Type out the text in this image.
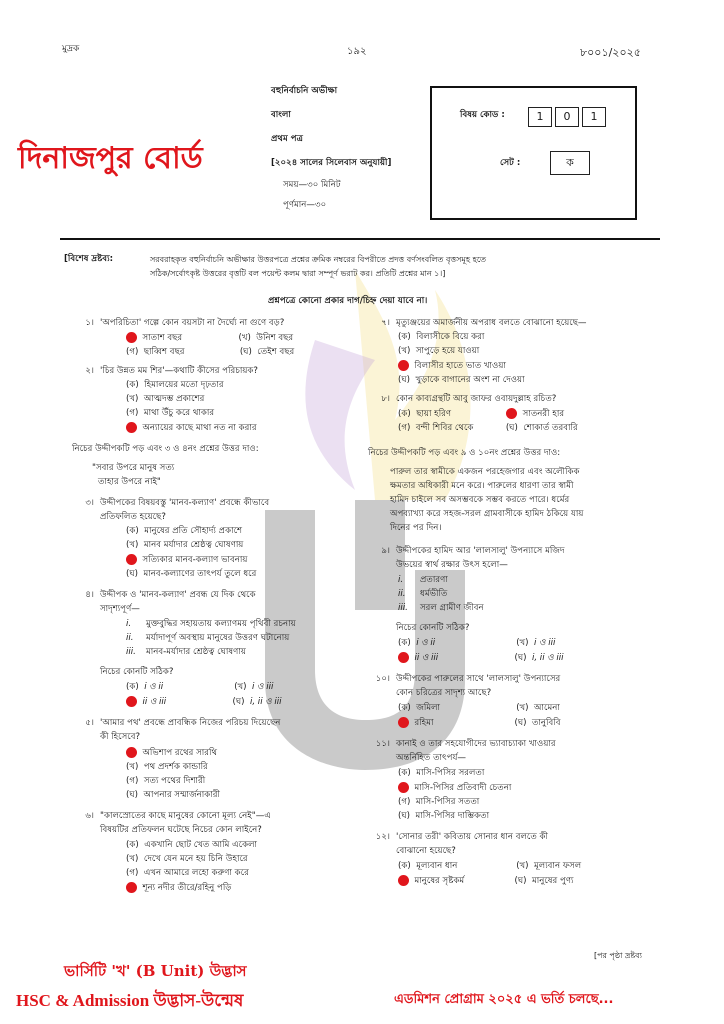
মুদ্রক	১৯২	৮০০১/২০২৫
বহুনির্বাচনি অভীক্ষা
বাংলা
প্রথম পত্র
[২০২৪ সালের সিলেবাস অনুযায়ী]
সময়—৩০ মিনিট
পূর্ণমান—৩০
বিষয় কোড :	1 0 1
সেট :	ক
দিনাজপুর বোর্ড
[বিশেষ দ্রষ্টব্য:	সরবরাহকৃত বহুনির্বাচনি অভীক্ষার উত্তরপত্রে প্রশ্নের ক্রমিক নম্বরের বিপরীতে প্রদত্ত বর্ণসংবলিত বৃত্তসমূহ হতে
সঠিক/সর্বোৎকৃষ্ট উত্তরের বৃত্তটি বল পয়েন্ট কলম দ্বারা সম্পূর্ণ ভরাট কর। প্রতিটি প্রশ্নের মান ১।]
প্রশ্নপত্রে কোনো প্রকার দাগ/চিহ্ন দেয়া যাবে না।
১। 'অপরিচিতা' গল্পে কোন বয়সটা না দৈর্ঘ্যে না গুণে বড়?
সাতাশ বছর	(খ) উনিশ বছর
(গ) ছাব্বিশ বছর	(ঘ) তেইশ বছর
২। 'চির উন্নত মম শির'—কথাটি কীসের পরিচায়ক?
(ক) হিমালয়ের মতো দৃঢ়তার
(খ) আত্মদম্ভ প্রকাশের
(গ) মাথা উঁচু করে থাকার
অন্যায়ের কাছে মাথা নত না করার
নিচের উদ্দীপকটি পড় এবং ৩ ও ৪নং প্রশ্নের উত্তর দাও:
"সবার উপরে মানুষ সত্য
তাহার উপরে নাই"
৩। উদ্দীপকের বিষয়বস্তু 'মানব-কল্যাণ' প্রবন্ধে কীভাবে
প্রতিফলিত হয়েছে?
(ক) মানুষের প্রতি সৌহার্দ্য প্রকাশে
(খ) মানব মর্যাদার শ্রেষ্ঠত্ব ঘোষণায়
সত্যিকার মানব-কল্যাণ ভাবনায়
(ঘ) মানব-কল্যাণের তাৎপর্য তুলে ধরে
৪। উদ্দীপক ও 'মানব-কল্যাণ' প্রবন্ধ যে দিক থেকে
সাদৃশ্যপূর্ণ—
i. মুক্তবুদ্ধির সহায়তায় কল্যাণময় পৃথিবী রচনায়
ii. মর্যাদাপূর্ণ অবস্থায় মানুষের উত্তরণ ঘটানোয়
iii. মানব-মর্যাদার শ্রেষ্ঠত্ব ঘোষণায়
নিচের কোনটি সঠিক?
(ক) i ও ii	(খ) i ও iii
ii ও iii	(ঘ) i, ii ও iii
৫। 'আমার পথ' প্রবন্ধে প্রাবন্ধিক নিজের পরিচয় দিয়েছেন
কী হিসেবে?
অভিশাপ রথের সারথি
(খ) পথ প্রদর্শক কান্ডারি
(গ) সত্য পথের দিশারী
(ঘ) আপনার সম্মার্জনাকারী
৬। "কালস্রোতের কাছে মানুষের কোনো মূল্য নেই"—এ
বিষয়টির প্রতিফলন ঘটেছে নিচের কোন লাইনে?
(ক) একখানি ছোট খেত আমি একেলা
(খ) দেখে যেন মনে হয় চিনি উহারে
(গ) এখন আমারে লহো করুণা করে
শূন্য নদীর তীরে/রহিনু পড়ি
৭। মৃত্যুঞ্জয়ের অমার্জনীয় অপরাধ বলতে বোঝানো হয়েছে—
(ক) বিলাসীকে বিয়ে করা
(খ) সাপুড়ে হয়ে যাওয়া
বিলাসীর হাতে ভাত খাওয়া
(ঘ) খুড়াকে বাগানের অংশ না দেওয়া
৮। কোন কাব্যগ্রন্থটি আবু জাফর ওবায়দুল্লাহ রচিত?
(ক) ছায়া হরিণ	সাতনরী হার
(গ) বন্দী শিবির থেকে	(ঘ) শোকার্ত তরবারি
নিচের উদ্দীপকটি পড় এবং ৯ ও ১০নং প্রশ্নের উত্তর দাও:
পারুল তার স্বামীকে একজন পরহেজগার এবং অলৌকিক
ক্ষমতার অধিকারী মনে করে। পারুলের ধারণা তার স্বামী
হামিদ চাইলে সব অসম্ভবকে সম্ভব করতে পারে। ধর্মের
অপব্যাখ্যা করে সহজ-সরল গ্রামবাসীকে হামিদ ঠকিয়ে যায়
দিনের পর দিন।
৯। উদ্দীপকের হামিদ আর 'লালসালু' উপন্যাসে মজিদ
উভয়ের স্বার্থ রক্ষার উৎস হলো—
i. প্রতারণা
ii. ধর্মভীতি
iii. সরল গ্রামীণ জীবন
নিচের কোনটি সঠিক?
(ক) i ও ii	(খ) i ও iii
ii ও iii	(ঘ) i, ii ও iii
১০। উদ্দীপকের পারুলের সাথে 'লালসালু' উপন্যাসের
কোন চরিত্রের সাদৃশ্য আছে?
(ক) জমিলা	(খ) আমেনা
রহিমা	(ঘ) তানুবিবি
১১। কানাই ও তার সহযোগীদের ভ্যাবাচ্যাকা খাওয়ার
অন্তর্নিহিত তাৎপর্য—
(ক) মাসি-পিসির সরলতা
মাসি-পিসির প্রতিবাদী চেতনা
(গ) মাসি-পিসির সততা
(ঘ) মাসি-পিসির দাম্ভিকতা
১২। 'সোনার তরী' কবিতায় সোনার ধান বলতে কী
বোঝানো হয়েছে?
(ক) মূল্যবান ধান	(খ) মূল্যবান ফসল
মানুষের সৃষ্টকর্ম	(ঘ) মানুষের পুণ্য
[পর পৃষ্ঠা দ্রষ্টব্য
ভার্সিটি 'খ' (B Unit) উদ্ভাস
HSC & Admission উদ্ভাস-উন্মেষ	এডমিশন প্রোগ্রাম ২০২৫ এ ভর্তি চলছে...
